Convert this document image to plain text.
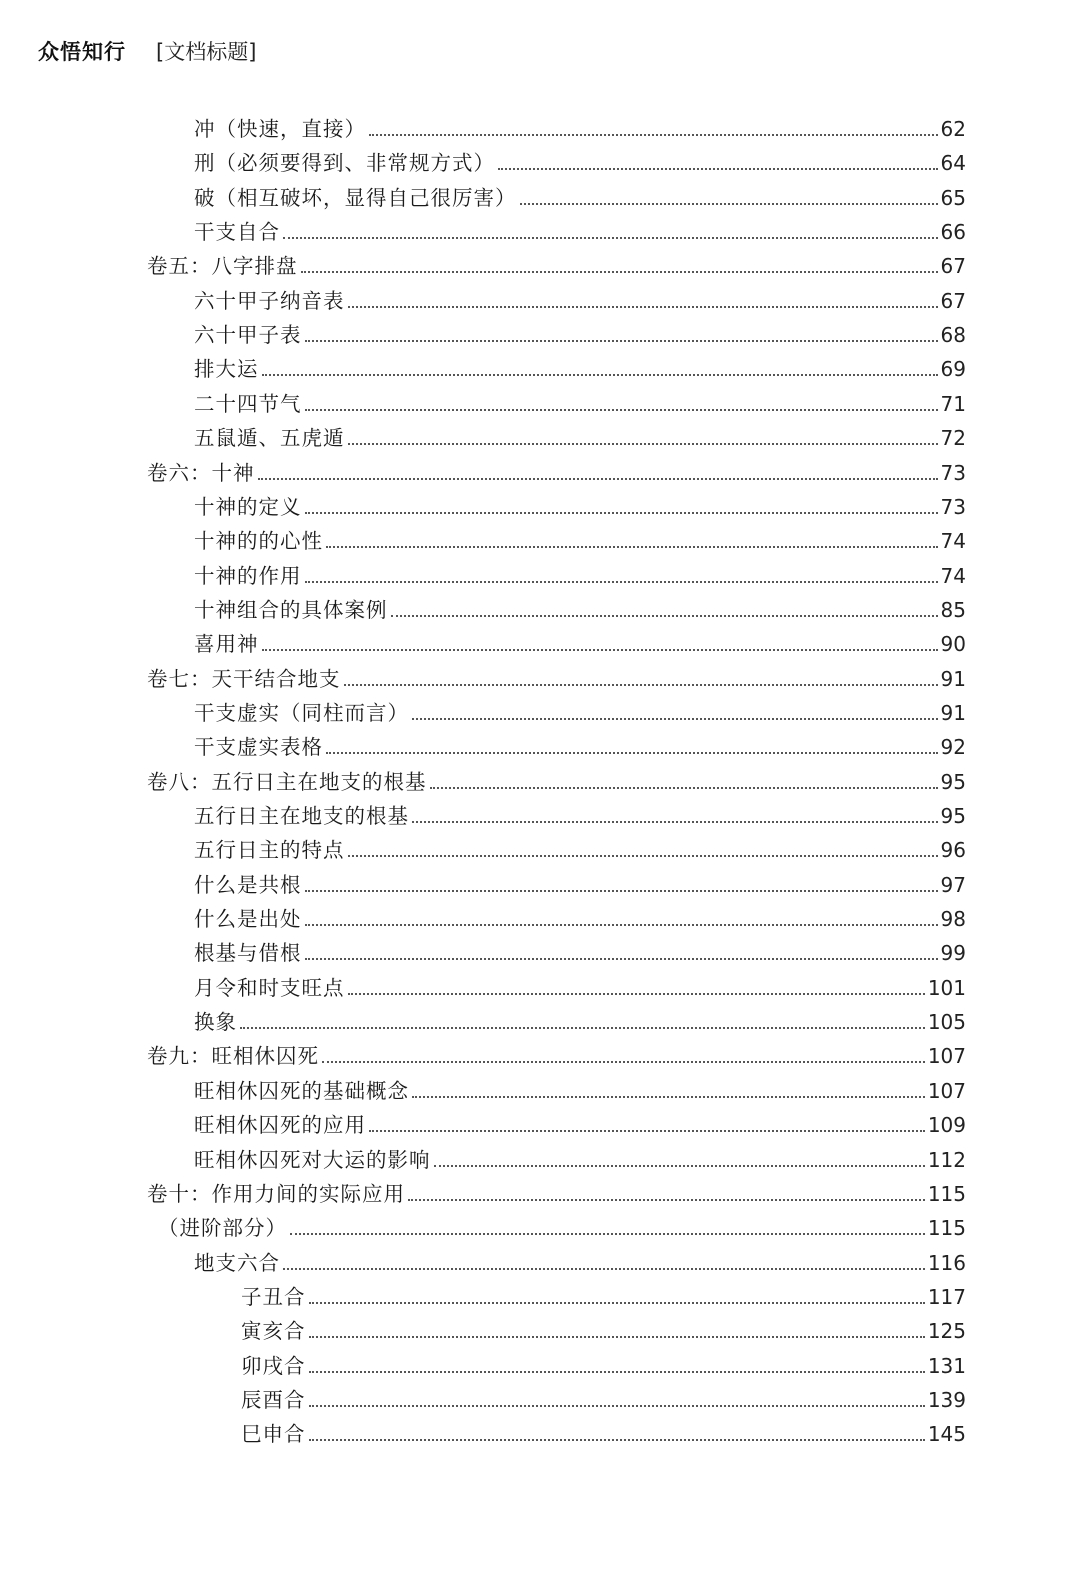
众悟知行 [文档标题]
冲（快速，直接）	62
刑（必须要得到、非常规方式）	64
破（相互破坏，显得自己很厉害）	65
干支自合	66
卷五：八字排盘	67
六十甲子纳音表	67
六十甲子表	68
排大运	69
二十四节气	71
五鼠遁、五虎遁	72
卷六：十神	73
十神的定义	73
十神的的心性	74
十神的作用	74
十神组合的具体案例	85
喜用神	90
卷七：天干结合地支	91
干支虚实（同柱而言）	91
干支虚实表格	92
卷八：五行日主在地支的根基	95
五行日主在地支的根基	95
五行日主的特点	96
什么是共根	97
什么是出处	98
根基与借根	99
月令和时支旺点	101
换象	105
卷九：旺相休囚死	107
旺相休囚死的基础概念	107
旺相休囚死的应用	109
旺相休囚死对大运的影响	112
卷十：作用力间的实际应用	115
（进阶部分）	115
地支六合	116
子丑合	117
寅亥合	125
卯戌合	131
辰酉合	139
巳申合	145
